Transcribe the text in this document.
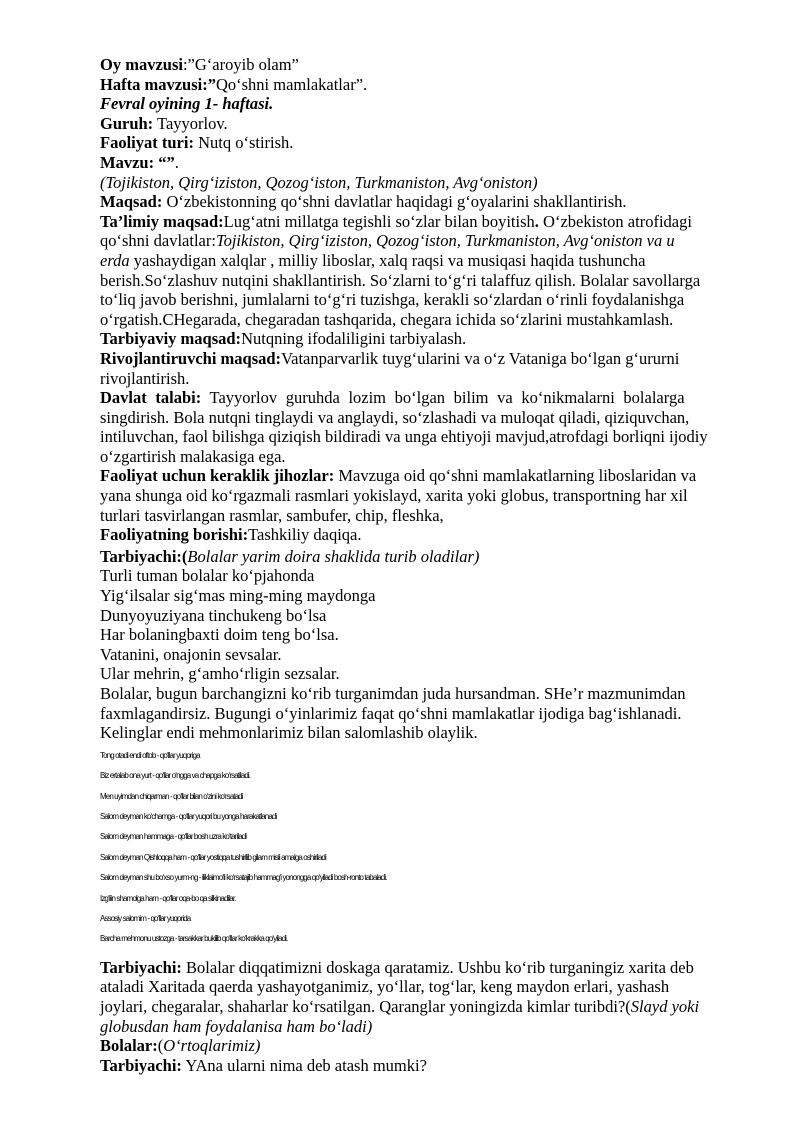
Oy mavzusi:”G‘aroyib olam”
Hafta mavzusi:”Qo‘shni mamlakatlar”.
Fevral oyining 1- haftasi.
Guruh: Tayyorlov.
Faoliyat turi: Nutq o‘stirish.
Mavzu: “”.
(Tojikiston, Qirg‘iziston, Qozog‘iston, Turkmaniston, Avg‘oniston)
Maqsad: O‘zbekistonning qo‘shni davlatlar haqidagi g‘oyalarini shakllantirish.
Ta’limiy maqsad:Lug‘atni millatga tegishli so‘zlar bilan boyitish. O‘zbekiston atrofidagi
qo‘shni davlatlar:Tojikiston, Qirg‘iziston, Qozog‘iston, Turkmaniston, Avg‘oniston va u
erda yashaydigan xalqlar , milliy liboslar, xalq raqsi va musiqasi haqida tushuncha
berish.So‘zlashuv nutqini shakllantirish. So‘zlarni to‘g‘ri talaffuz qilish. Bolalar savollarga
to‘liq javob berishni, jumlalarni to‘g‘ri tuzishga, kerakli so‘zlardan o‘rinli foydalanishga
o‘rgatish.CHegarada, chegaradan tashqarida, chegara ichida so‘zlarini mustahkamlash.
Tarbiyaviy maqsad:Nutqning ifodaliligini tarbiyalash.
Rivojlantiruvchi maqsad:Vatanparvarlik tuyg‘ularini va o‘z Vataniga bo‘lgan g‘ururni
rivojlantirish.
Davlat talabi: Tayyorlov guruhda lozim bo‘lgan bilim va ko‘nikmalarni bolalarga
singdirish. Bola nutqni tinglaydi va anglaydi, so‘zlashadi va muloqat qiladi, qiziquvchan,
intiluvchan, faol bilishga qiziqish bildiradi va unga ehtiyoji mavjud,atrofdagi borliqni ijodiy
o‘zgartirish malakasiga ega.
Faoliyat uchun keraklik jihozlar: Mavzuga oid qo‘shni mamlakatlarning liboslaridan va
yana shunga oid ko‘rgazmali rasmlari yokislayd, xarita yoki globus, transportning har xil
turlari tasvirlangan rasmlar, sambufer, chip, fleshka,
Faoliyatning borishi:Tashkiliy daqiqa.
Tarbiyachi:(Bolalar yarim doira shaklida turib oladilar)
Turli tuman bolalar ko‘pjahonda
Yig‘ilsalar sig‘mas ming-ming maydonga
Dunyoyuziyana tinchukeng bo‘lsa
Har bolaningbaxti doim teng bo‘lsa.
Vatanini, onajonin sevsalar.
Ular mehrin, g‘amho‘rligin sezsalar.
Bolalar, bugun barchangizni ko‘rib turganimdan juda hursandman. SHe’r mazmunimdan
faxmlagandirsiz. Bugungi o‘yinlarimiz faqat qo‘shni mamlakatlar ijodiga bag‘ishlanadi.
Kelinglar endi mehmonlarimiz bilan salomlashib olaylik.
Tong otadi endi oftob - qo‘llar yuqoriga
Biz ertalab ona yurt - qo‘llar o‘ngga va chapga ko‘rsatiladi.
Men uyimdan chiqarman - qo‘llar bilan o‘zini ko‘rsatadi
Salom deyman ko‘chamga - qo‘llar yuqori bu yonga harakatlanadi
Salom deyman hammaga - qo‘llar bosh uzra ko‘tariladi
Salom deyman Qishloqqa ham - qo‘llar yostiqqa tushirilib gilam misli amalga oshiriladi
Salom deyman shu bo‘xso yurm-ng - iliklaimo‘li ko‘rsatajib hammag‘i yonongga qo‘yiladi bosh-ronto tabaladi.
Izg‘iiin shamolga ham - qo‘llar oqa-bo qa silkinadilar.
Assosiy salomim - qo‘llar yuqorida
Barcha mehmonu ustozga - tarsakkar bukilib qo‘llar ko‘krakka qo‘yiladi.
Tarbiyachi: Bolalar diqqatimizni doskaga qaratamiz. Ushbu ko‘rib turganingiz xarita deb
ataladi Xaritada qaerda yashayotganimiz, yo‘llar, tog‘lar, keng maydon erlari, yashash
joylari, chegaralar, shaharlar ko‘rsatilgan. Qaranglar yoningizda kimlar turibdi?(Slayd yoki
globusdan ham foydalanisa ham bo‘ladi)
Bolalar:(O‘rtoqlarimiz)
Tarbiyachi: YAna ularni nima deb atash mumki?
